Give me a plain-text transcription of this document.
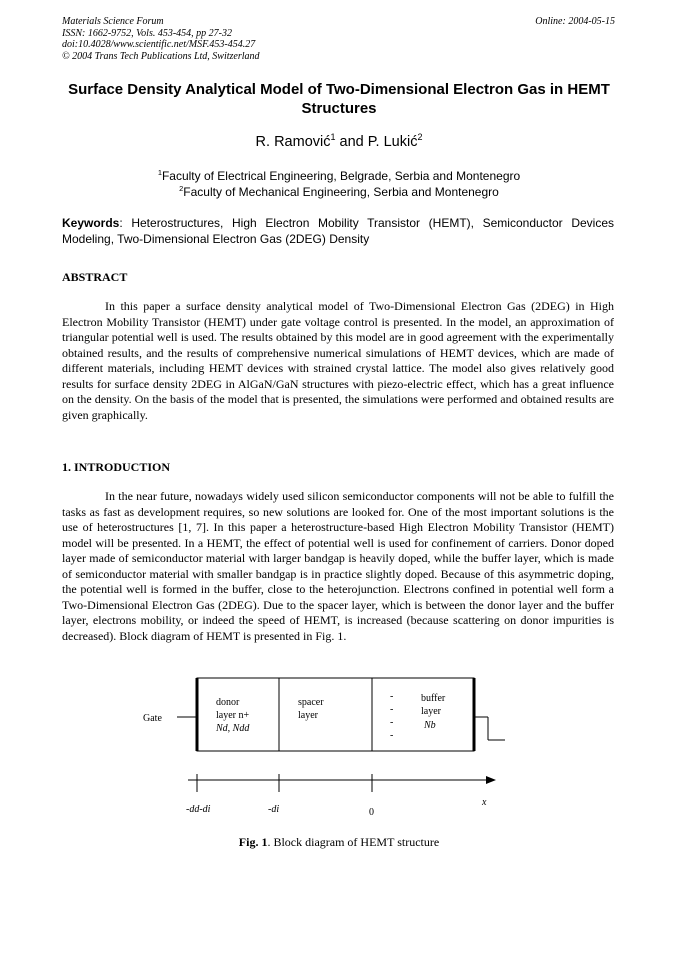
Materials Science Forum
ISSN: 1662-9752, Vols. 453-454, pp 27-32
doi:10.4028/www.scientific.net/MSF.453-454.27
© 2004 Trans Tech Publications Ltd, Switzerland
Online: 2004-05-15
Surface Density Analytical Model of Two-Dimensional Electron Gas in HEMT Structures
R. Ramović$^1$ and P. Lukić$^2$
$^1$Faculty of Electrical Engineering, Belgrade, Serbia and Montenegro
$^2$Faculty of Mechanical Engineering, Serbia and Montenegro
Keywords: Heterostructures, High Electron Mobility Transistor (HEMT), Semiconductor Devices Modeling, Two-Dimensional Electron Gas (2DEG) Density
ABSTRACT

In this paper a surface density analytical model of Two-Dimensional Electron Gas (2DEG) in High Electron Mobility Transistor (HEMT) under gate voltage control is presented. In the model, an approximation of triangular potential well is used. The results obtained by this model are in good agreement with the experimentally obtained results, and the results of comprehensive numerical simulations of HEMT devices, which are made of different materials, including HEMT devices with strained crystal lattice. The model also gives relatively good results for surface density 2DEG in AlGaN/GaN structures with piezo-electric effect, which has a great influence on the density. On the basis of the model that is presented, the simulations were performed and obtained results are given graphically.

1. INTRODUCTION

In the near future, nowadays widely used silicon semiconductor components will not be able to fulfill the tasks as fast as development requires, so new solutions are looked for. One of the most important solutions is the use of heterostructures [1, 7]. In this paper a heterostructure-based High Electron Mobility Transistor (HEMT) model will be presented. In a HEMT, the effect of potential well is used for confinement of carriers. Donor doped layer made of semiconductor material with larger bandgap is heavily doped, while the buffer layer, which is made of semiconductor material with smaller bandgap is in practice slightly doped. Because of this asymmetric doping, the potential well is formed in the buffer, close to the heterojunction. Electrons confined in potential well form a Two-Dimensional Electron Gas (2DEG). Due to the spacer layer, which is between the donor layer and the buffer layer, electrons mobility, or indeed the speed of HEMT, is increased (because scattering on donor impurities is decreased). Block diagram of HEMT is presented in Fig. 1.

Gate
donor
layer n+
Nd, Ndd
spacer
layer
buffer
layer
Nb
-
-
-
-
-dd-di	-di	0
x
Fig. 1. Block diagram of HEMT structure
